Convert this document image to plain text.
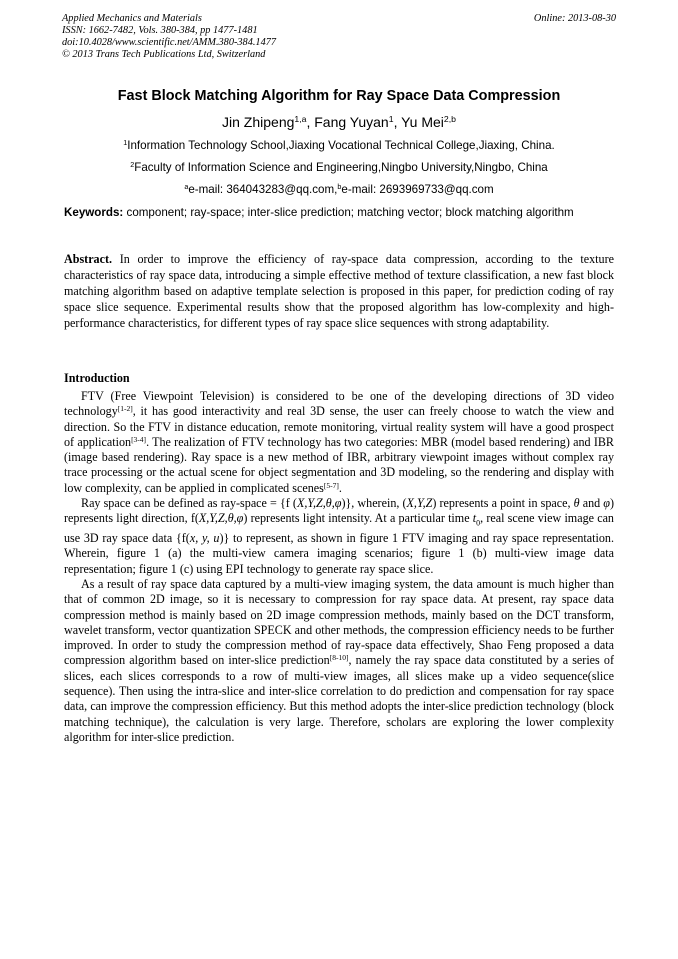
Applied Mechanics and Materials
ISSN: 1662-7482, Vols. 380-384, pp 1477-1481
doi:10.4028/www.scientific.net/AMM.380-384.1477
© 2013 Trans Tech Publications Ltd, Switzerland
Online: 2013-08-30
Fast Block Matching Algorithm for Ray Space Data Compression
Jin Zhipeng$^{1,a}$, Fang Yuyan$^1$, Yu Mei$^{2,b}$
$^1$Information Technology School,Jiaxing Vocational Technical College,Jiaxing, China.
$^2$Faculty of Information Science and Engineering,Ningbo University,Ningbo, China
$^a$e-mail: 364043283@qq.com,$^b$e-mail: 2693969733@qq.com
Keywords: component; ray-space; inter-slice prediction; matching vector; block matching algorithm
Abstract. In order to improve the efficiency of ray-space data compression, according to the texture characteristics of ray space data, introducing a simple effective method of texture classification, a new fast block matching algorithm based on adaptive template selection is proposed in this paper, for prediction coding of ray space slice sequence. Experimental results show that the proposed algorithm has low-complexity and high-performance characteristics, for different types of ray space slice sequences with strong adaptability.
Introduction

FTV (Free Viewpoint Television) is considered to be one of the developing directions of 3D video technology[1-2], it has good interactivity and real 3D sense, the user can freely choose to watch the view and direction. So the FTV in distance education, remote monitoring, virtual reality system will have a good prospect of application[3-4]. The realization of FTV technology has two categories: MBR (model based rendering) and IBR (image based rendering). Ray space is a new method of IBR, arbitrary viewpoint images without complex ray trace processing or the actual scene for object segmentation and 3D modeling, so the rendering and display with low complexity, can be applied in complicated scenes[5-7].

Ray space can be defined as ray-space = {f (X,Y,Z,θ,φ)}, wherein, (X,Y,Z) represents a point in space, θ and φ) represents light direction, f(X,Y,Z,θ,φ) represents light intensity. At a particular time $t_0$, real scene view image can use 3D ray space data {f(x, y, u)} to represent, as shown in figure 1 FTV imaging and ray space representation. Wherein, figure 1 (a) the multi-view camera imaging scenarios; figure 1 (b) multi-view image data representation; figure 1 (c) using EPI technology to generate ray space slice.

As a result of ray space data captured by a multi-view imaging system, the data amount is much higher than that of common 2D image, so it is necessary to compression for ray space data. At present, ray space data compression method is mainly based on 2D image compression methods, mainly based on the DCT transform, wavelet transform, vector quantization SPECK and other methods, the compression efficiency needs to be further improved. In order to study the compression method of ray-space data effectively, Shao Feng proposed a data compression algorithm based on inter-slice prediction[8-10], namely the ray space data constituted by a series of slices, each slices corresponds to a row of multi-view images, all slices make up a video sequence(slice sequence). Then using the intra-slice and inter-slice correlation to do prediction and compensation for ray space data, can improve the compression efficiency. But this method adopts the inter-slice prediction technology (block matching technique), the calculation is very large. Therefore, scholars are exploring the lower complexity algorithm for inter-slice prediction.
